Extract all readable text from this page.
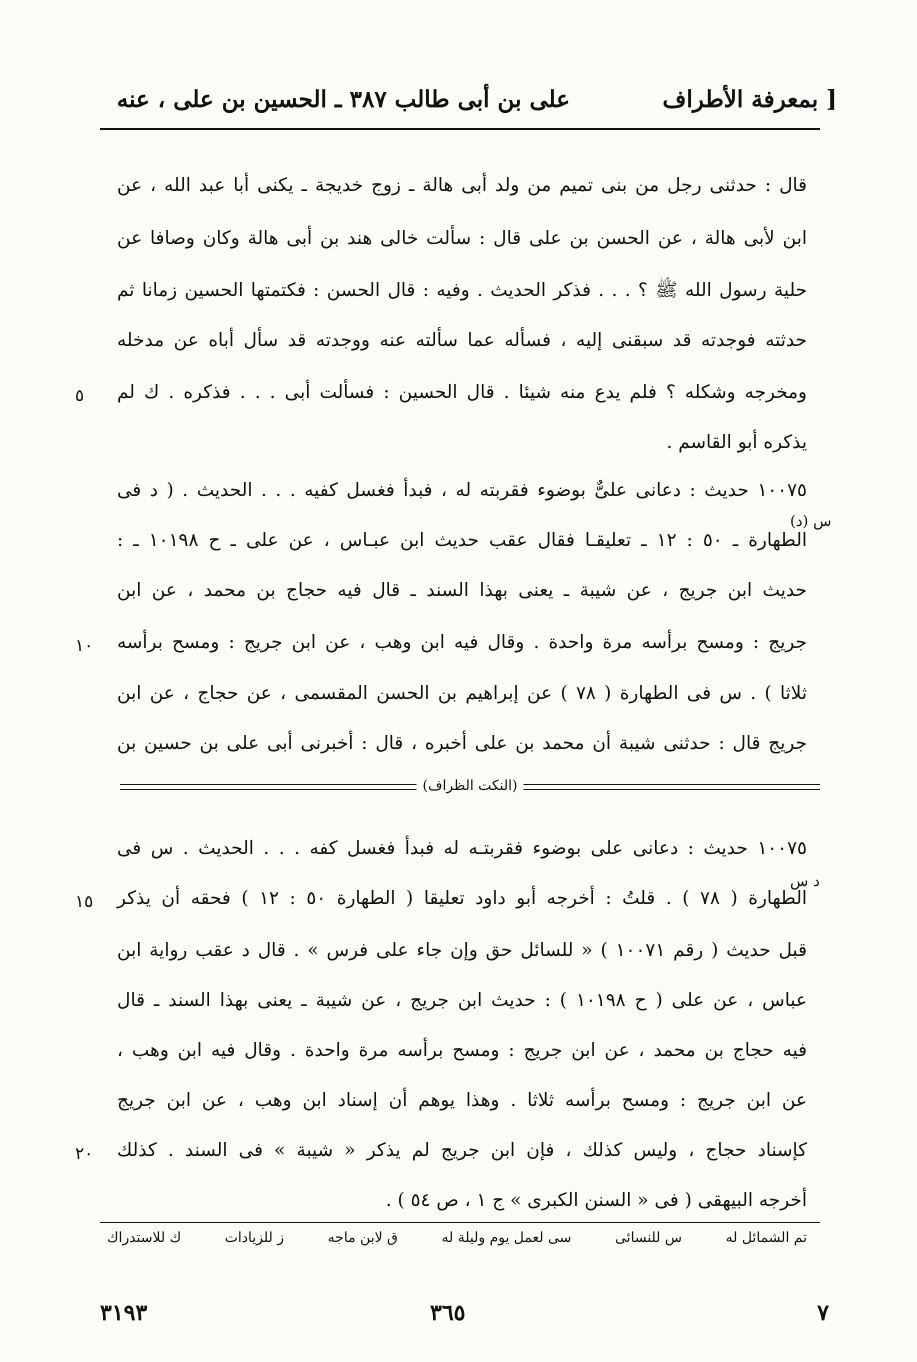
بمعرفة الأطراف ]
على بن أبى طالب ٣٨٧ ـ الحسين بن على ، عنه
قال : حدثنى رجل من بنى تميم من ولد أبى هالة ـ زوج خديجة ـ يكنى أبا عبد الله ، عن
ابن لأبى هالة ، عن الحسن بن على قال : سألت خالى هند بن أبى هالة وكان وصافا عن
حلية رسول الله ﷺ ؟ . . . فذكر الحديث . وفيه : قال الحسن : فكتمتها الحسين زمانا ثم
حدثته فوجدته قد سبقنى إليه ، فسأله عما سألته عنه ووجدته قد سأل أباه عن مدخله
ومخرجه وشكله ؟ فلم يدع منه شيئا . قال الحسين : فسألت أبى . . . فذكره . ك لم
يذكره أبو القاسم .
٥
١٠٠٧٥ حديث : دعانى علىٌّ بوضوء فقربته له ، فبدأ فغسل كفيه . . . الحديث . ( د فى
الطهارة ـ ٥٠ : ١٢ ـ تعليقـا فقال عقب حديث ابن عبـاس ، عن على ـ ح ١٠١٩٨ ـ :
حديث ابن جريج ، عن شيبة ـ يعنى بهذا السند ـ قال فيه حجاج بن محمد ، عن ابن
جريج : ومسح برأسه مرة واحدة . وقال فيه ابن وهب ، عن ابن جريج : ومسح برأسه
ثلاثا ) . س فى الطهارة ( ٧٨ ) عن إبراهيم بن الحسن المقسمى ، عن حجاج ، عن ابن
جريج قال : حدثنى شيبة أن محمد بن على أخبره ، قال : أخبرنى أبى على بن حسين بن
(د) س
١٠
(النكت الظراف)
١٠٠٧٥ حديث : دعانى على بوضوء فقربتـه له فبدأ فغسل كفه . . . الحديث . س فى
الطهارة ( ٧٨ ) . قلتُ : أخرجه أبو داود تعليقا ( الطهارة ٥٠ : ١٢ ) فحقه أن يذكر
قبل حديث ( رقم ١٠٠٧١ ) « للسائل حق وإن جاء على فرس » . قال د عقب رواية ابن
عباس ، عن على ( ح ١٠١٩٨ ) : حديث ابن جريج ، عن شيبة ـ يعنى بهذا السند ـ قال
فيه حجاج بن محمد ، عن ابن جريج : ومسح برأسه مرة واحدة . وقال فيه ابن وهب ،
عن ابن جريج : ومسح برأسه ثلاثا . وهذا يوهم أن إسناد ابن وهب ، عن ابن جريج
كإسناد حجاج ، وليس كذلك ، فإن ابن جريج لم يذكر « شيبة » فى السند . كذلك
أخرجه البيهقى ( فى « السنن الكبرى » ج ١ ، ص ٥٤ ) .
د س
١٥
٢٠
تم الشمائل له
س للنسائى
سى لعمل يوم وليلة له
ق لابن ماجه
ز للزيادات
ك للاستدراك
٧
٣٦٥
٣١٩٣
